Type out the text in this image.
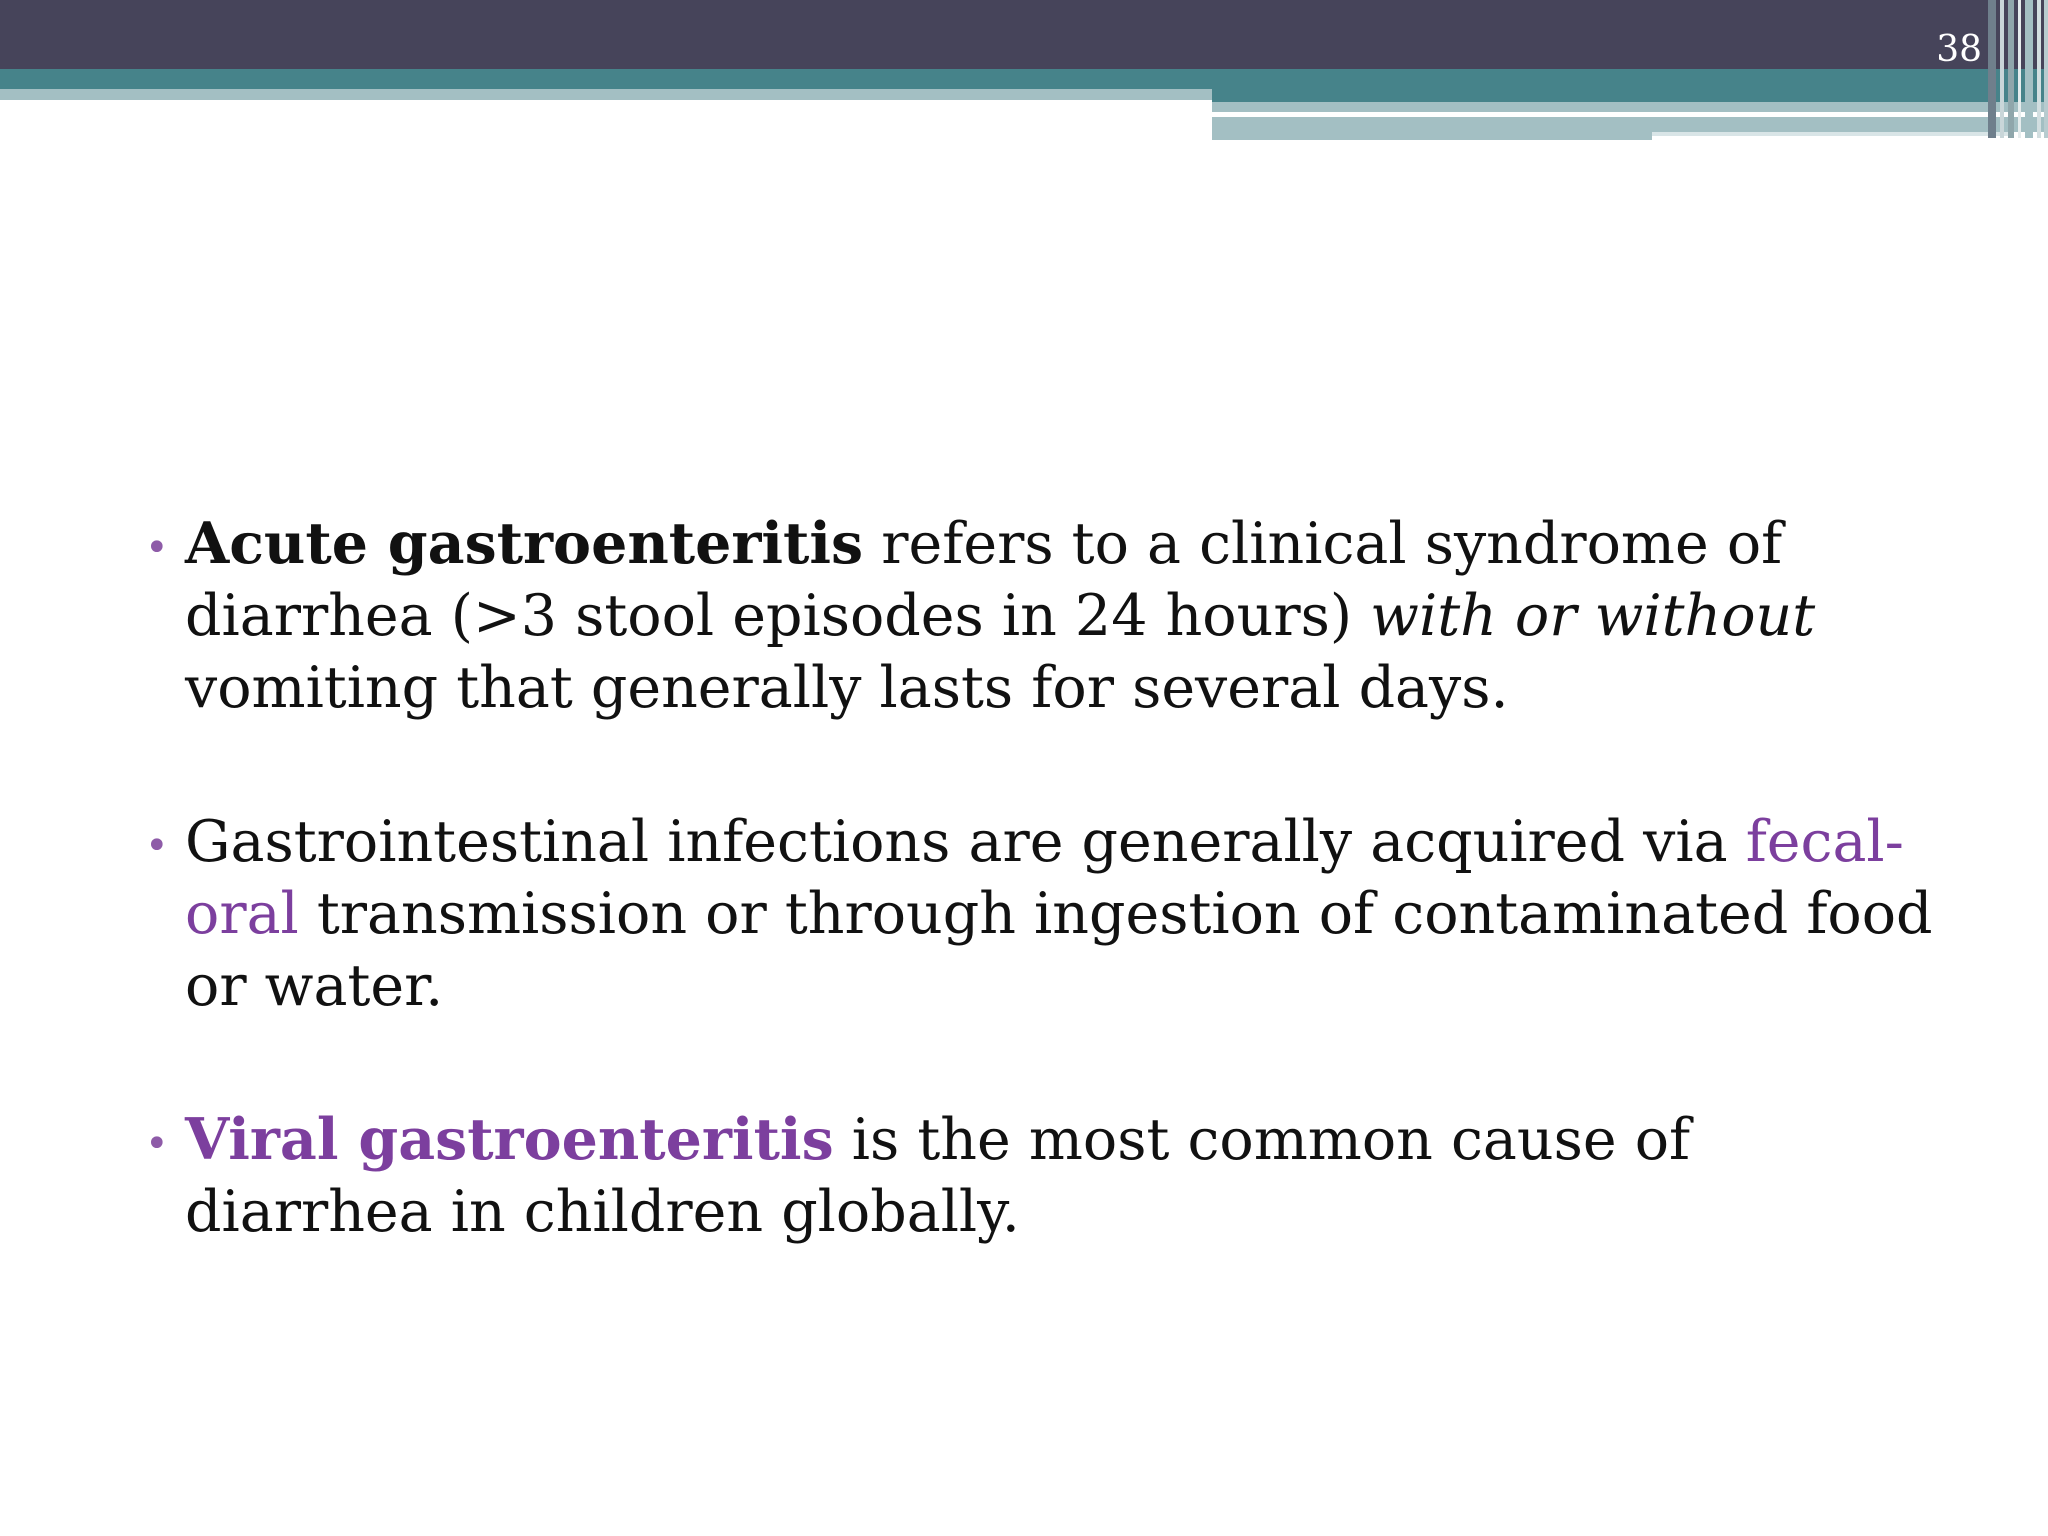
38
• Acute gastroenteritis refers to a clinical syndrome of diarrhea (>3 stool episodes in 24 hours) with or without vomiting that generally lasts for several days.
• Gastrointestinal infections are generally acquired via fecal-oral transmission or through ingestion of contaminated food or water.
• Viral gastroenteritis is the most common cause of diarrhea in children globally.
